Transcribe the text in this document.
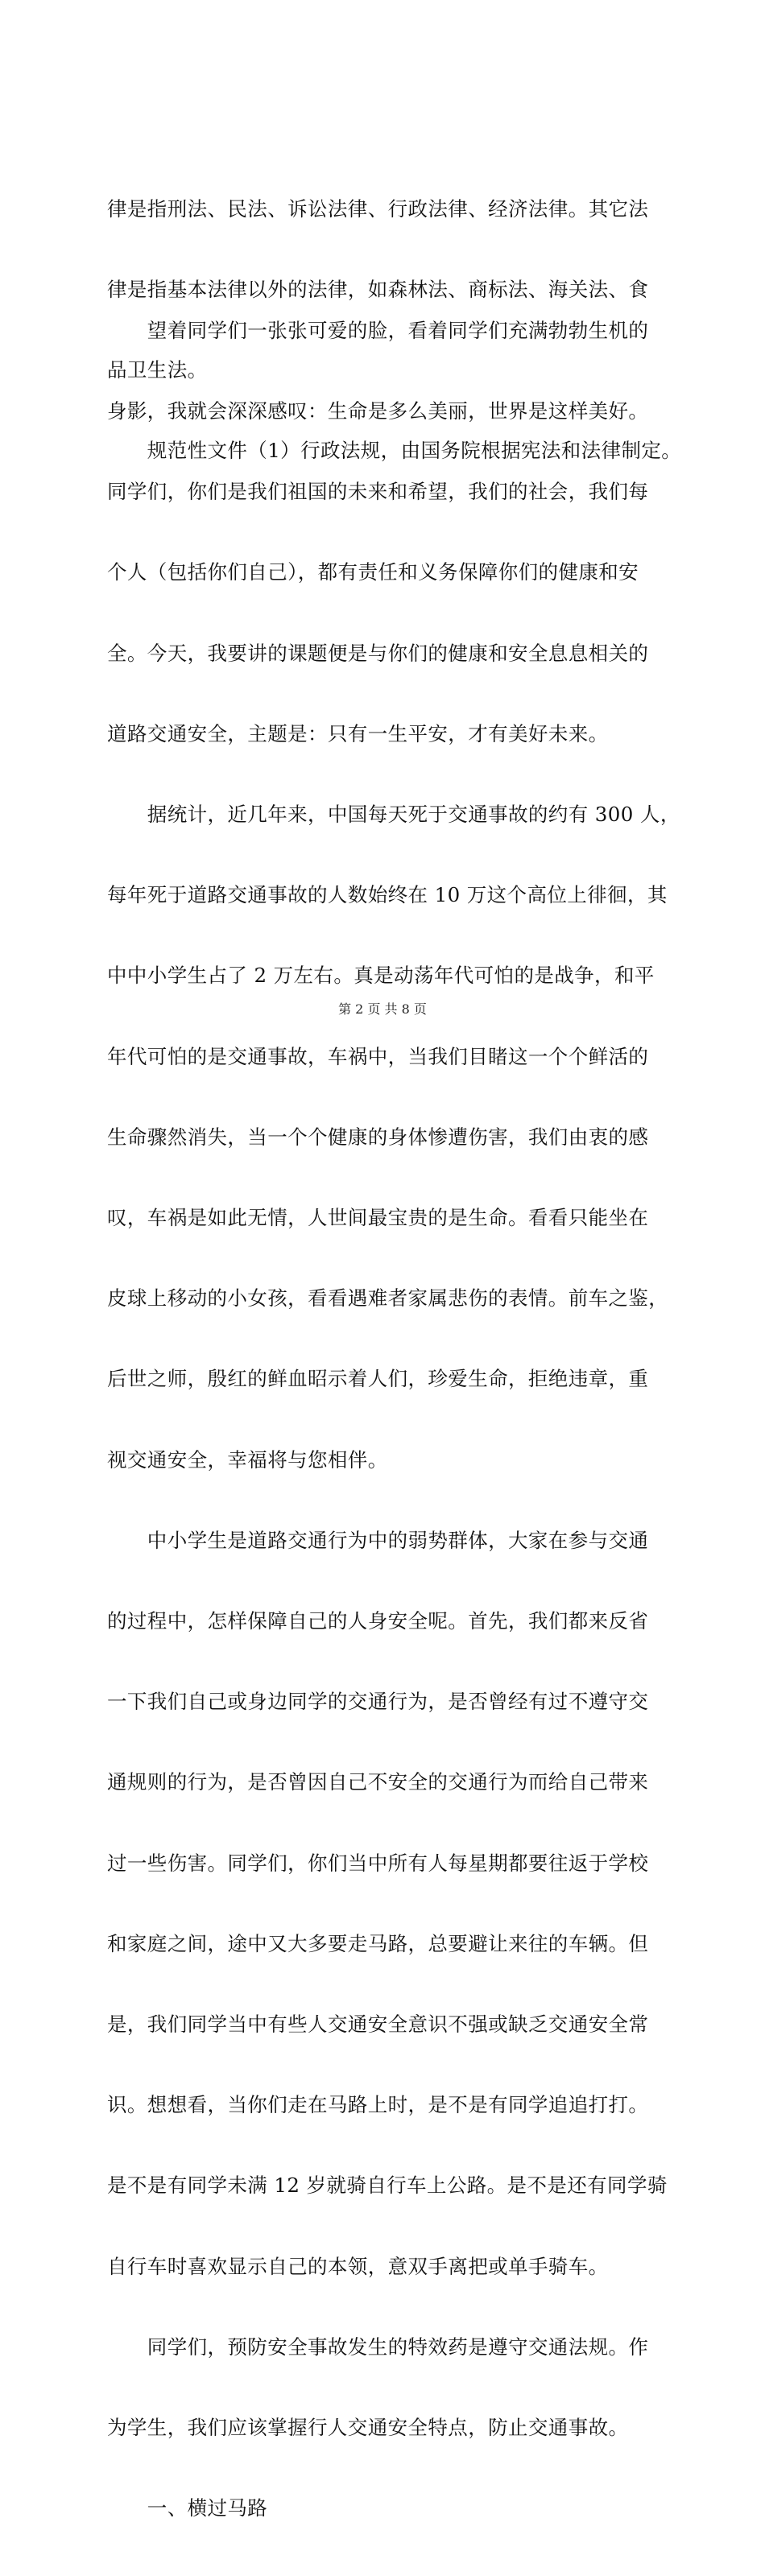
律是指刑法、民法、诉讼法律、行政法律、经济法律。其它法

律是指基本法律以外的法律，如森林法、商标法、海关法、食

品卫生法。

　　规范性文件（1）行政法规，由国务院根据宪法和法律制定。

　　望着同学们一张张可爱的脸，看着同学们充满勃勃生机的

身影，我就会深深感叹：生命是多么美丽，世界是这样美好。

同学们，你们是我们祖国的未来和希望，我们的社会，我们每

个人（包括你们自己），都有责任和义务保障你们的健康和安

全。今天，我要讲的课题便是与你们的健康和安全息息相关的

道路交通安全，主题是：只有一生平安，才有美好未来。

　　据统计，近几年来，中国每天死于交通事故的约有 300 人，

每年死于道路交通事故的人数始终在 10 万这个高位上徘徊，其

中中小学生占了 2 万左右。真是动荡年代可怕的是战争，和平

年代可怕的是交通事故，车祸中，当我们目睹这一个个鲜活的

生命骤然消失，当一个个健康的身体惨遭伤害，我们由衷的感

叹，车祸是如此无情，人世间最宝贵的是生命。看看只能坐在

皮球上移动的小女孩，看看遇难者家属悲伤的表情。前车之鉴，

后世之师，殷红的鲜血昭示着人们，珍爱生命，拒绝违章，重

视交通安全，幸福将与您相伴。

　　中小学生是道路交通行为中的弱势群体，大家在参与交通

的过程中，怎样保障自己的人身安全呢。首先，我们都来反省

一下我们自己或身边同学的交通行为，是否曾经有过不遵守交

通规则的行为，是否曾因自己不安全的交通行为而给自己带来

过一些伤害。同学们，你们当中所有人每星期都要往返于学校

和家庭之间，途中又大多要走马路，总要避让来往的车辆。但

是，我们同学当中有些人交通安全意识不强或缺乏交通安全常

识。想想看，当你们走在马路上时，是不是有同学追追打打。

是不是有同学未满 12 岁就骑自行车上公路。是不是还有同学骑

自行车时喜欢显示自己的本领，意双手离把或单手骑车。

　　同学们，预防安全事故发生的特效药是遵守交通法规。作

为学生，我们应该掌握行人交通安全特点，防止交通事故。

　　一、横过马路

第 2 页 共 8 页
